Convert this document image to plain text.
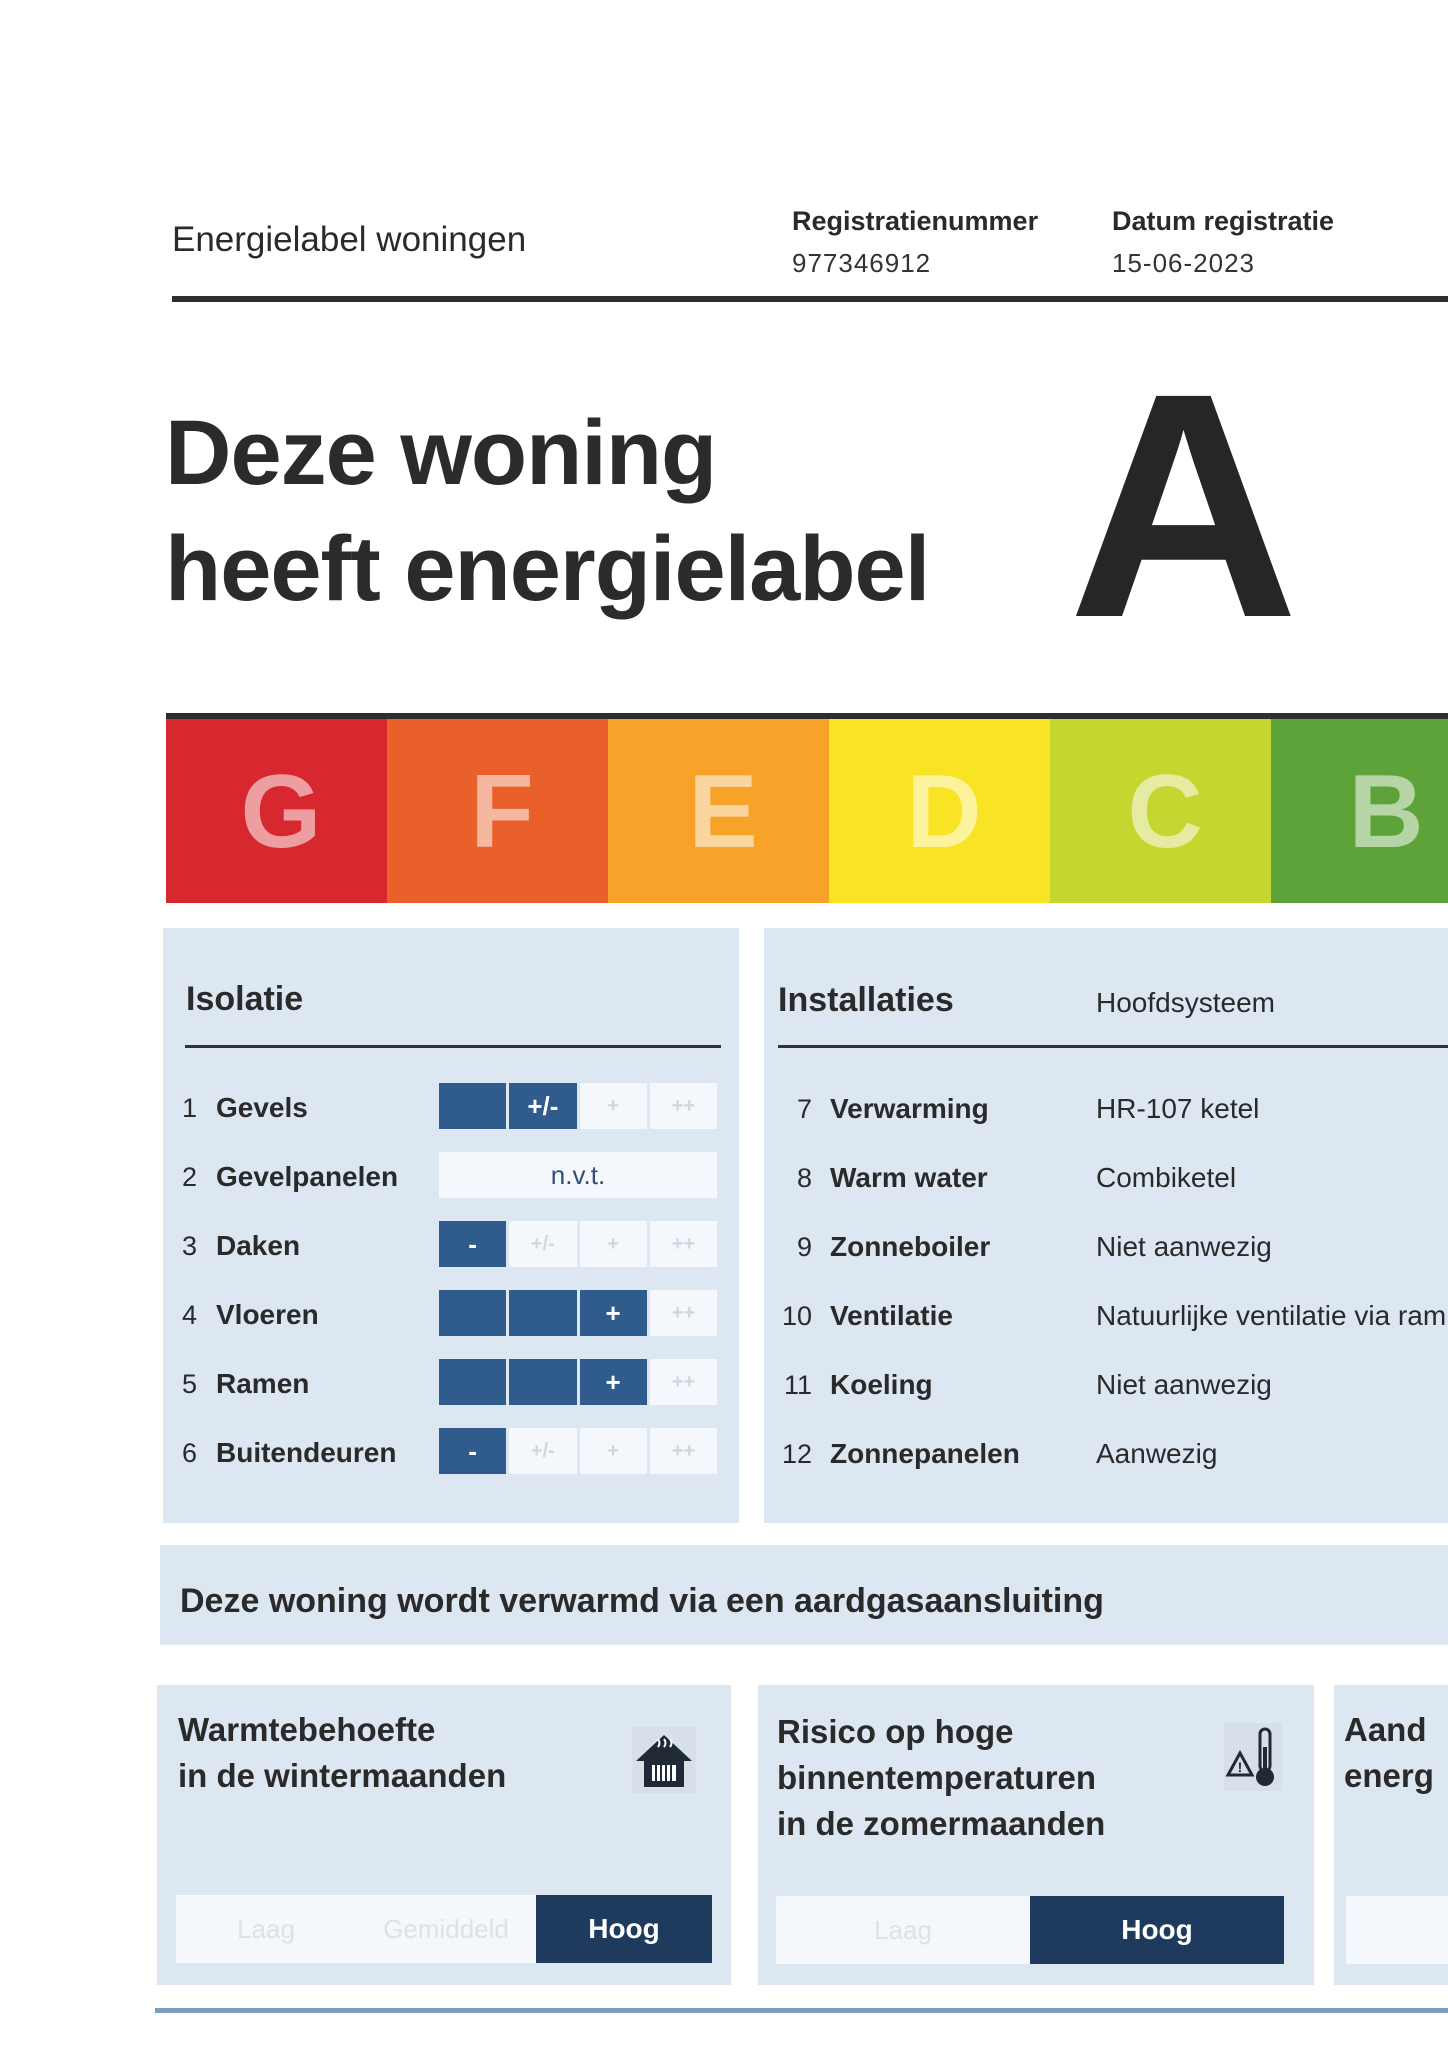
Energielabel woningen	Registratienummer
977346912
Datum registratie
15-06-2023
Deze woning
heeft energielabel A
G F E D C B
Isolatie
1 Gevels	-	+/-	+	++
2 Gevelpanelen	n.v.t.
3 Daken	-	+/-	+	++
4 Vloeren	-	+/-	+	++
5 Ramen	-	+/-	+	++
6 Buitendeuren	-	+/-	+	++
Installaties	Hoofdsysteem
7 Verwarming	HR-107 ketel
8 Warm water	Combiketel
9 Zonneboiler	Niet aanwezig
10 Ventilatie	Natuurlijke ventilatie via ram
11 Koeling	Niet aanwezig
12 Zonnepanelen	Aanwezig
Deze woning wordt verwarmd via een aardgasaansluiting
Warmtebehoefte
in de wintermaanden
Laag	Gemiddeld	Hoog
Risico op hoge
binnentemperaturen
in de zomermaanden
!
Laag	Hoog
Aand
energ
